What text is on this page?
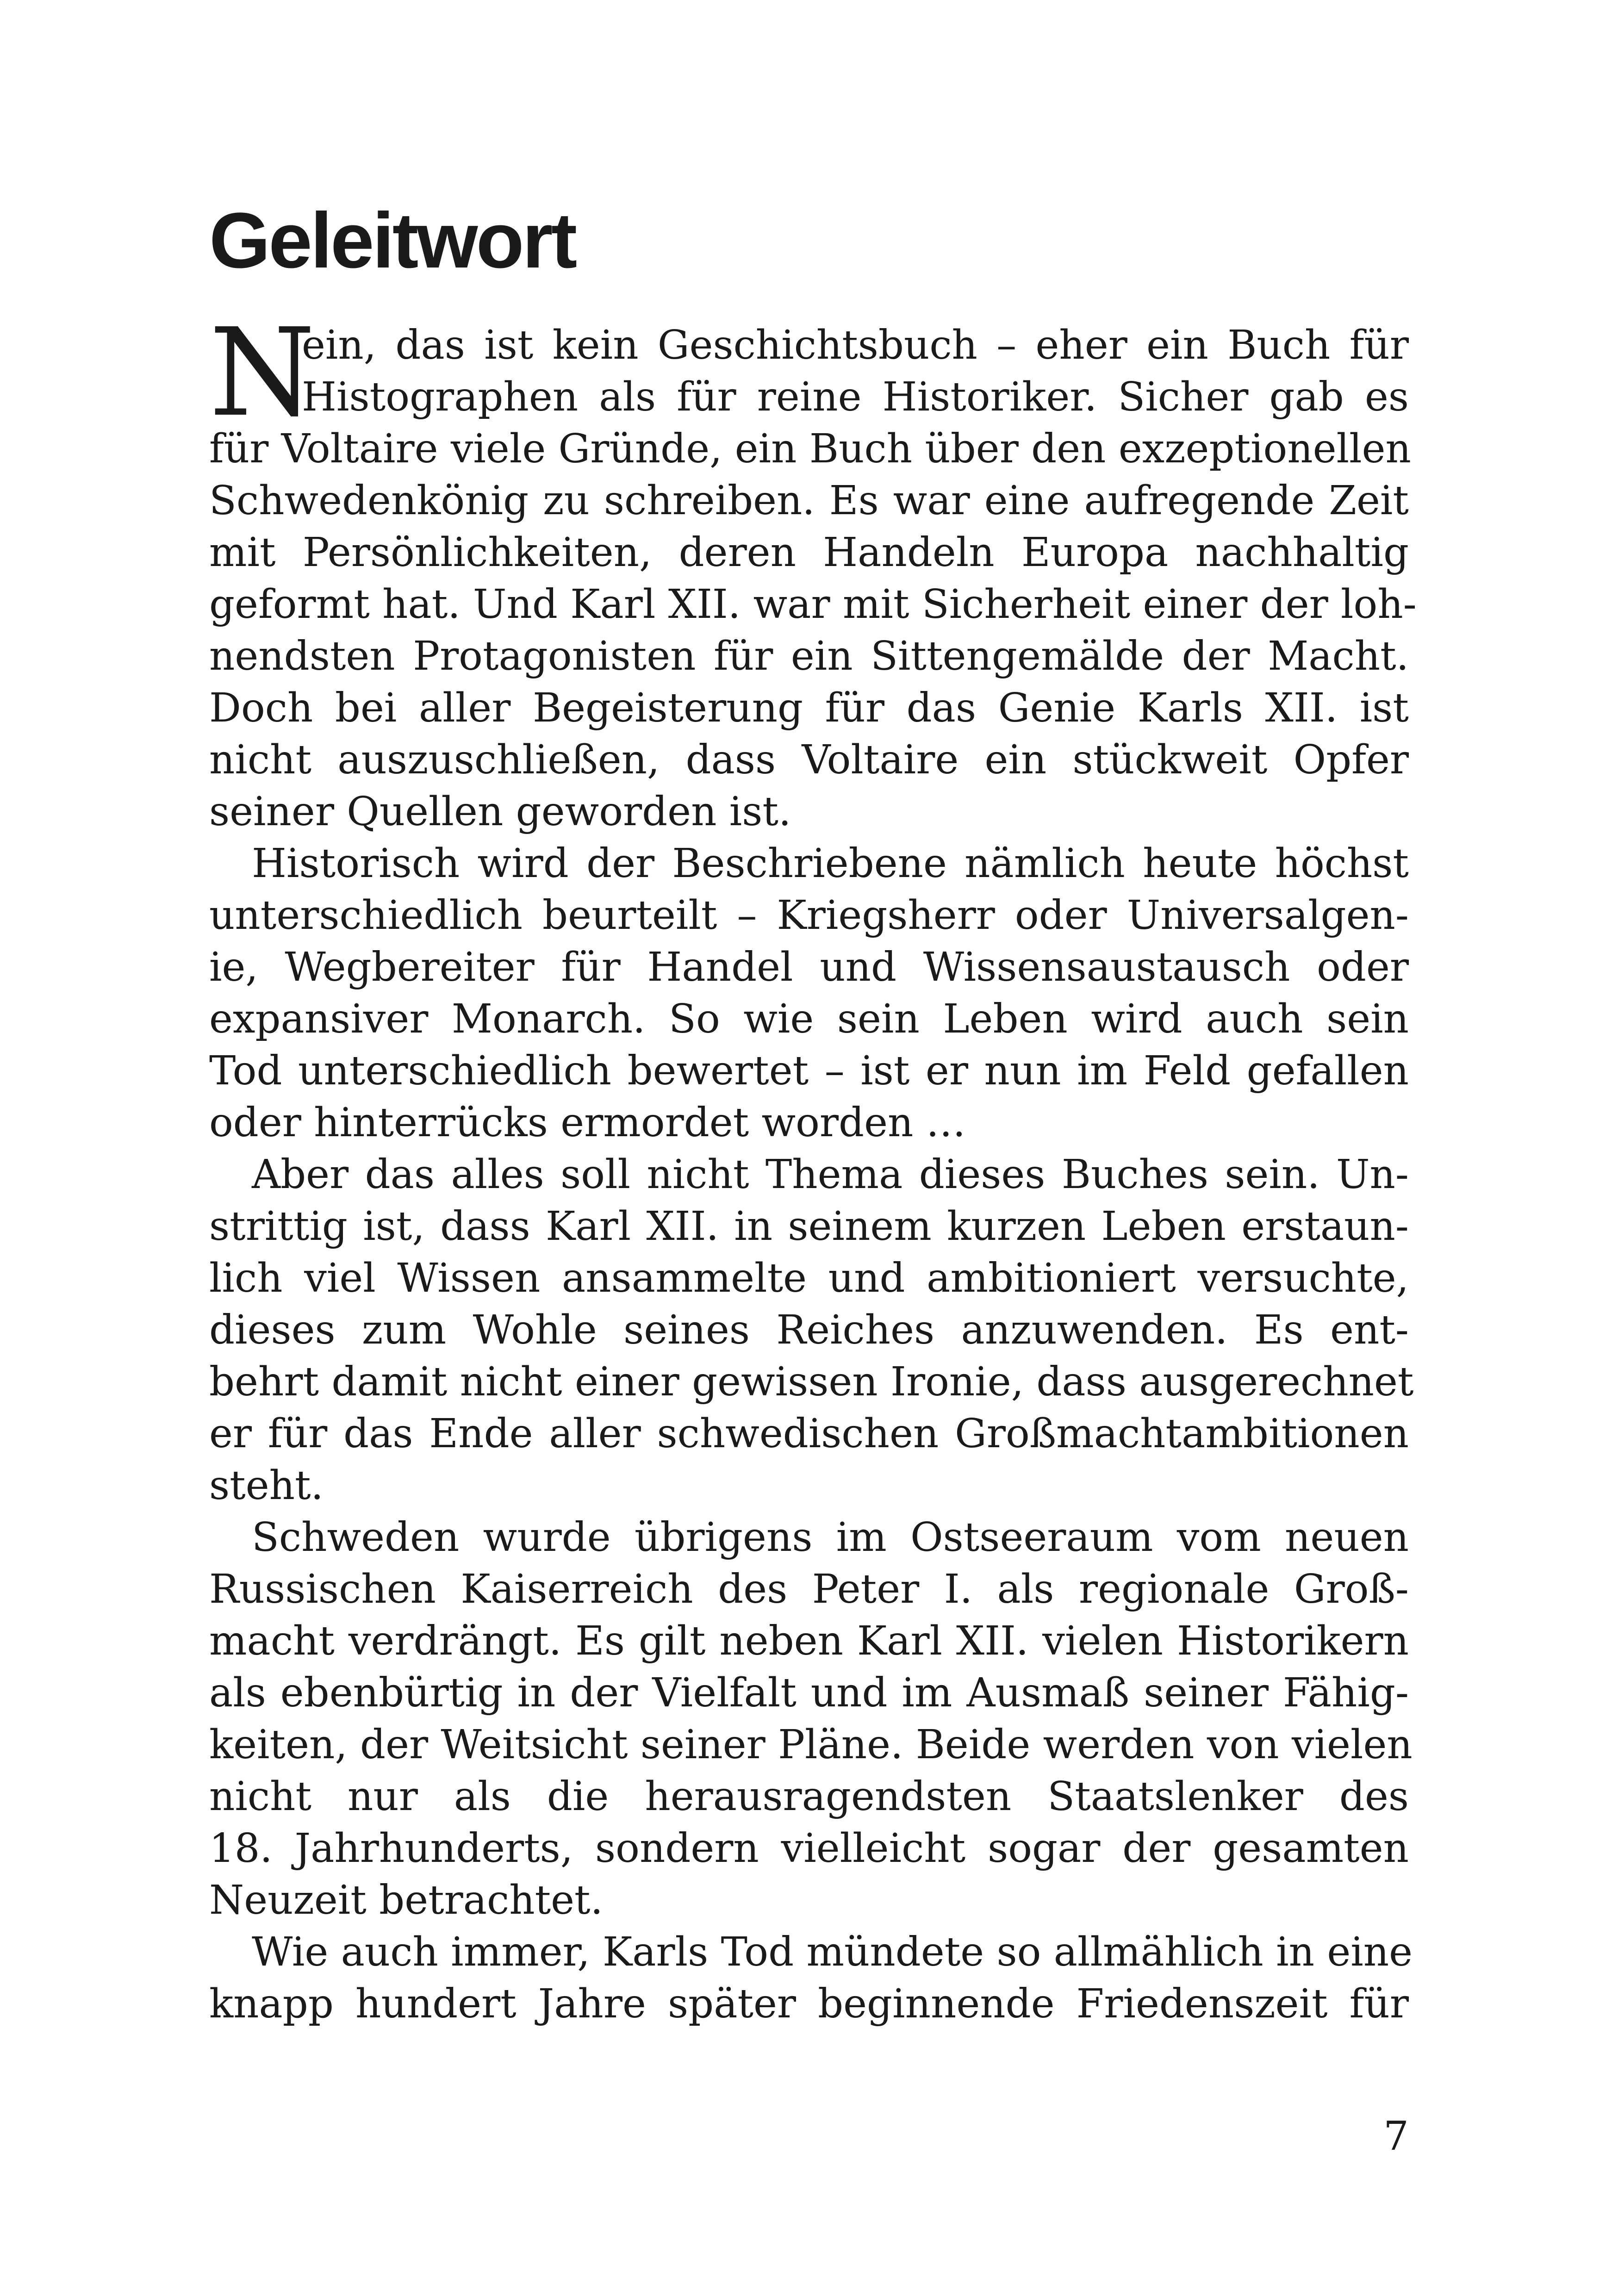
Geleitwort
N
ein, das ist kein Geschichtsbuch – eher ein Buch für
Histographen als für reine Historiker. Sicher gab es
für Voltaire viele Gründe, ein Buch über den exzeptionellen
Schwedenkönig zu schreiben. Es war eine aufregende Zeit
mit Persönlichkeiten, deren Handeln Europa nachhaltig
geformt hat. Und Karl XII. war mit Sicherheit einer der loh-
nendsten Protagonisten für ein Sittengemälde der Macht.
Doch bei aller Begeisterung für das Genie Karls XII. ist
nicht auszuschließen, dass Voltaire ein stückweit Opfer
seiner Quellen geworden ist.
Historisch wird der Beschriebene nämlich heute höchst
unterschiedlich beurteilt – Kriegsherr oder Universalgen-
ie, Wegbereiter für Handel und Wissensaustausch oder
expansiver Monarch. So wie sein Leben wird auch sein
Tod unterschiedlich bewertet – ist er nun im Feld gefallen
oder hinterrücks ermordet worden …
Aber das alles soll nicht Thema dieses Buches sein. Un-
strittig ist, dass Karl XII. in seinem kurzen Leben erstaun-
lich viel Wissen ansammelte und ambitioniert versuchte,
dieses zum Wohle seines Reiches anzuwenden. Es ent-
behrt damit nicht einer gewissen Ironie, dass ausgerechnet
er für das Ende aller schwedischen Großmachtambitionen
steht.
Schweden wurde übrigens im Ostseeraum vom neuen
Russischen Kaiserreich des Peter I. als regionale Groß-
macht verdrängt. Es gilt neben Karl XII. vielen Historikern
als ebenbürtig in der Vielfalt und im Ausmaß seiner Fähig-
keiten, der Weitsicht seiner Pläne. Beide werden von vielen
nicht nur als die herausragendsten Staatslenker des
18. Jahrhunderts, sondern vielleicht sogar der gesamten
Neuzeit betrachtet.
Wie auch immer, Karls Tod mündete so allmählich in eine
knapp hundert Jahre später beginnende Friedenszeit für
7
